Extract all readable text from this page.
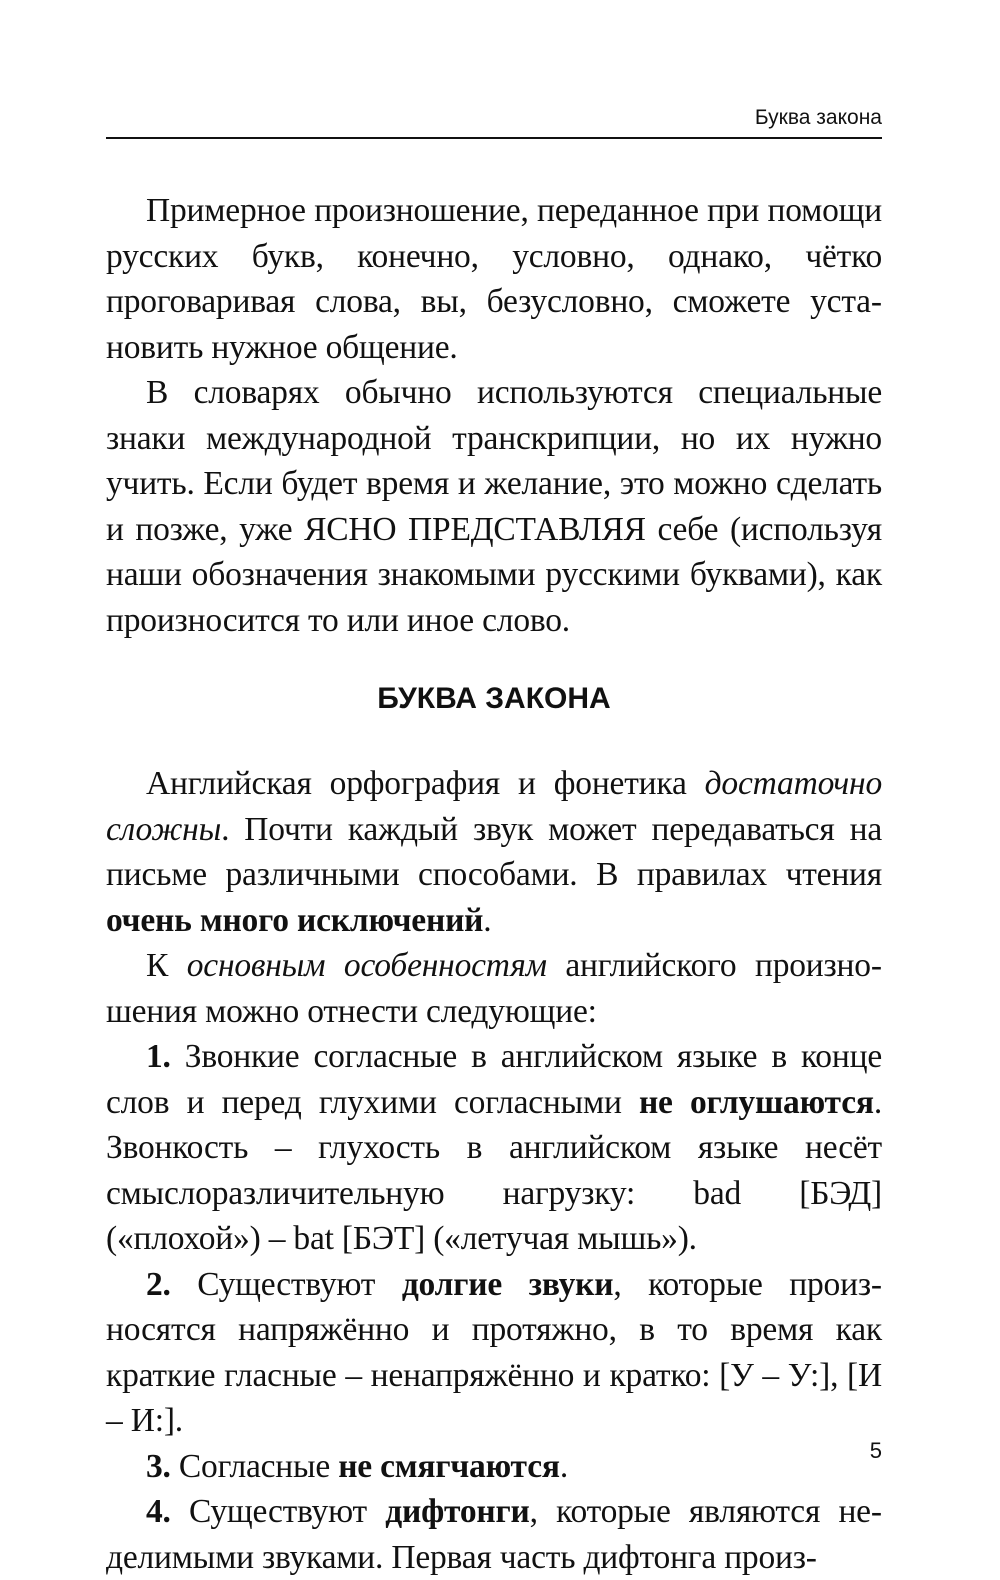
Буква закона

Примерное произношение, переданное при помощи русских букв, конечно, условно, однако, чётко проговаривая слова, вы, безусловно, сможете установить нужное общение.

В словарях обычно используются специальные знаки международной транскрипции, но их нужно учить. Если будет время и желание, это можно сделать и позже, уже ЯСНО ПРЕДСТАВЛЯЯ себе (используя наши обозначения знакомыми русскими буквами), как произносится то или иное слово.

БУКВА ЗАКОНА

Английская орфография и фонетика достаточно сложны. Почти каждый звук может передаваться на письме различными способами. В правилах чтения очень много исключений.

К основным особенностям английского произношения можно отнести следующие:

1. Звонкие согласные в английском языке в конце слов и перед глухими согласными не оглушаются. Звонкость – глухость в английском языке несёт смыслоразличительную нагрузку: bad [БЭД] («плохой») – bat [БЭТ] («летучая мышь»).

2. Существуют долгие звуки, которые произносятся напряжённо и протяжно, в то время как краткие гласные – ненапряжённо и кратко: [У – У:], [И – И:].

3. Согласные не смягчаются.

4. Существуют дифтонги, которые являются неделимыми звуками. Первая часть дифтонга произ-

5
